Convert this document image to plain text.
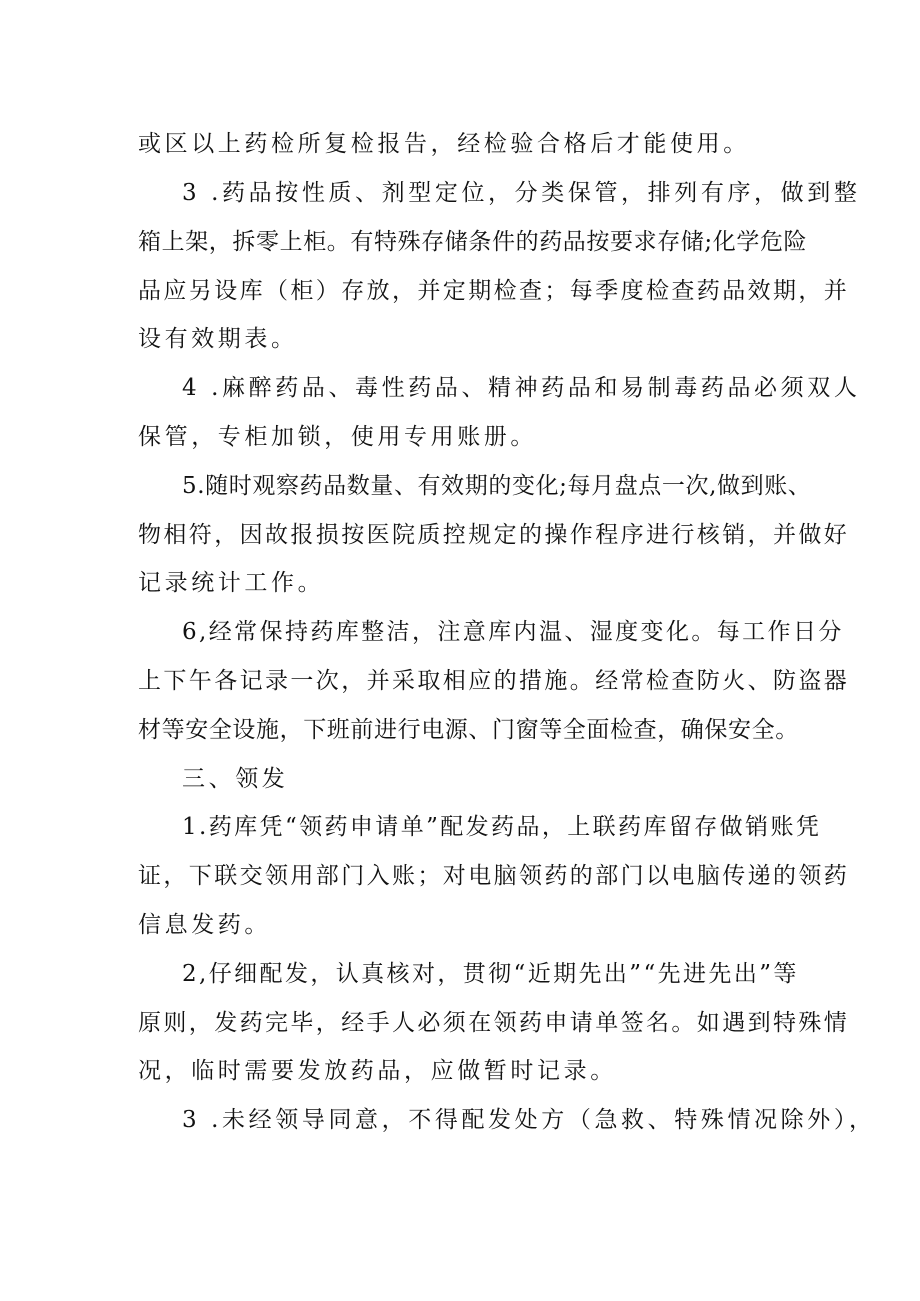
或区以上药检所复检报告，经检验合格后才能使用。
3 .药品按性质、剂型定位，分类保管，排列有序，做到整
箱上架，拆零上柜。有特殊存储条件的药品按要求存储;化学危险
品应另设库（柜）存放，并定期检查；每季度检查药品效期，并
设有效期表。
4 .麻醉药品、毒性药品、精神药品和易制毒药品必须双人
保管，专柜加锁，使用专用账册。
5.随时观察药品数量、有效期的变化;每月盘点一次,做到账、
物相符，因故报损按医院质控规定的操作程序进行核销，并做好
记录统计工作。
6,经常保持药库整洁，注意库内温、湿度变化。每工作日分
上下午各记录一次，并采取相应的措施。经常检查防火、防盗器
材等安全设施，下班前进行电源、门窗等全面检查，确保安全。
三、领发
1.药库凭“领药申请单”配发药品，上联药库留存做销账凭
证，下联交领用部门入账；对电脑领药的部门以电脑传递的领药
信息发药。
2,仔细配发，认真核对，贯彻“近期先出”“先进先出”等
原则，发药完毕，经手人必须在领药申请单签名。如遇到特殊情
况，临时需要发放药品，应做暂时记录。
3 .未经领导同意，不得配发处方（急救、特殊情况除外），
